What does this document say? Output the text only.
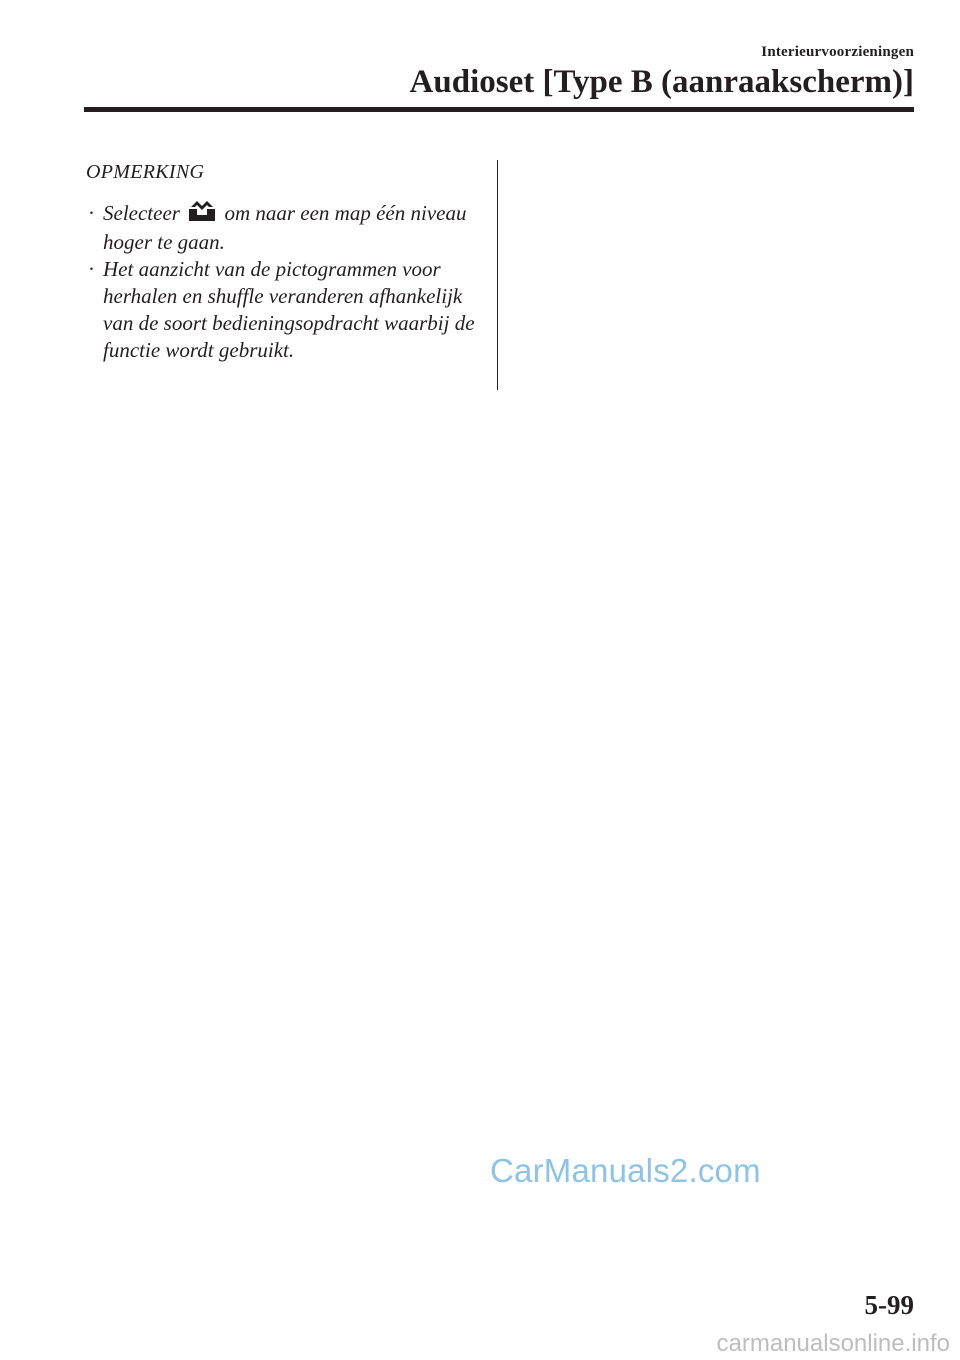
Interieurvoorzieningen
Audioset [Type B (aanraakscherm)]
OPMERKING
· Selecteer  om naar een map één niveau hoger te gaan.
· Het aanzicht van de pictogrammen voor herhalen en shuffle veranderen afhankelijk van de soort bedieningsopdracht waarbij de functie wordt gebruikt.
CarManuals2.com
5-99
carmanualsonline.info
